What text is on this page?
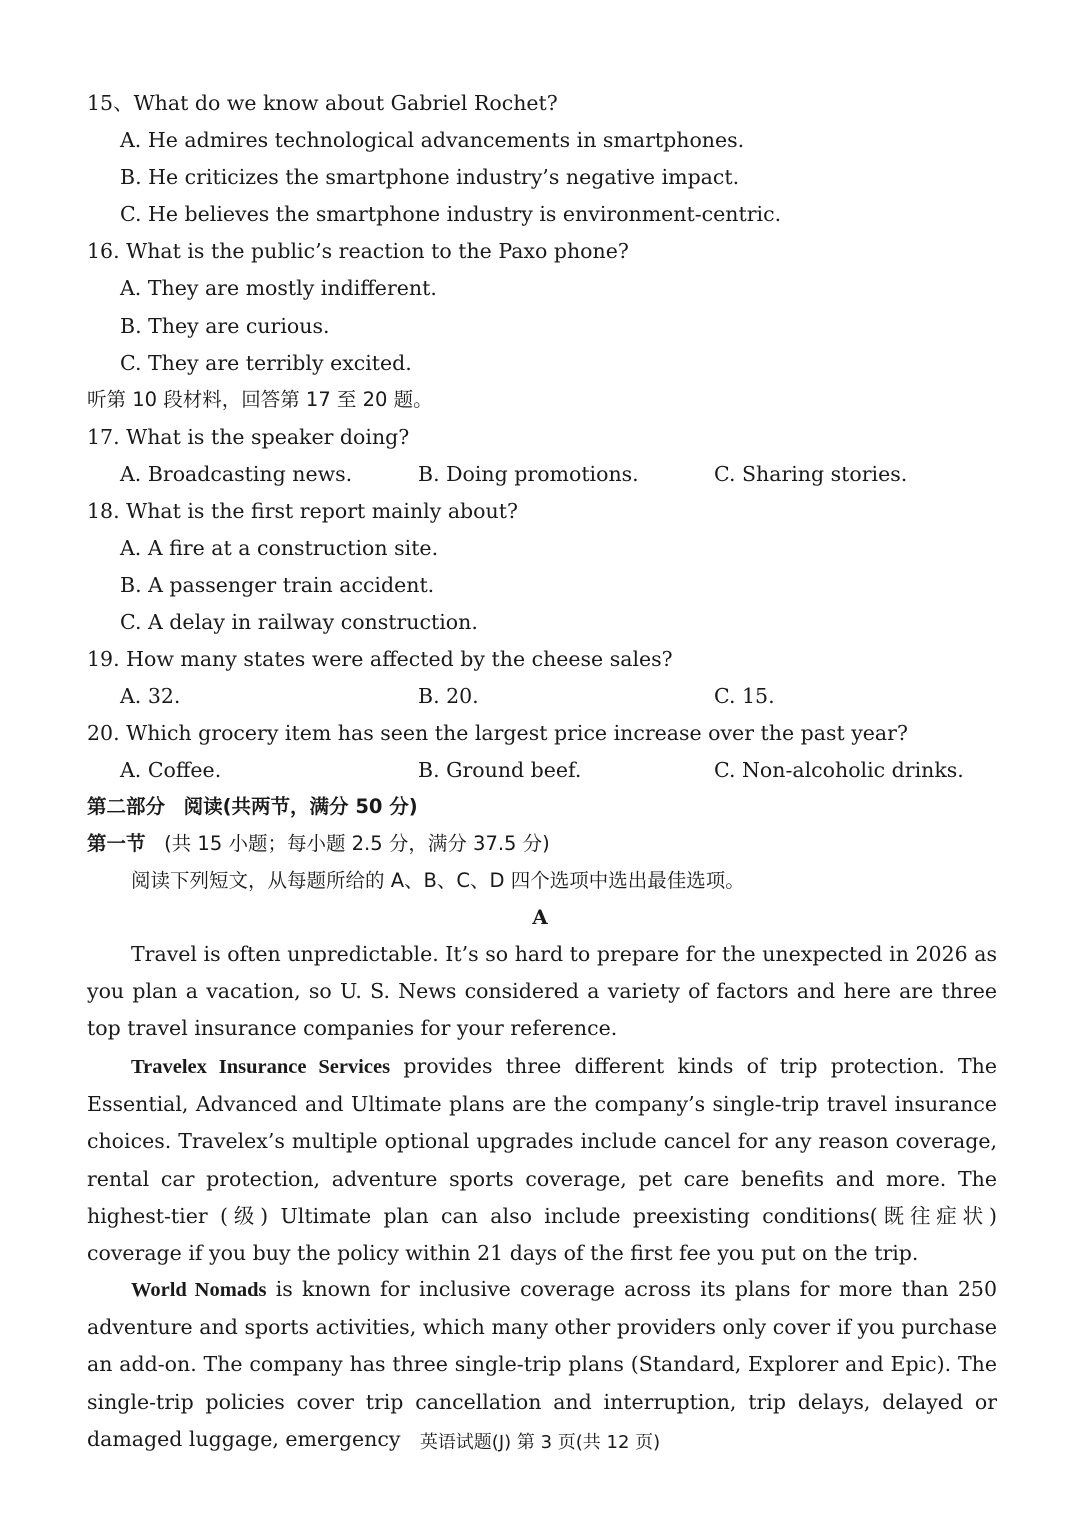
15、What do we know about Gabriel Rochet?
A. He admires technological advancements in smartphones.
B. He criticizes the smartphone industry’s negative impact.
C. He believes the smartphone industry is environment-centric.
16. What is the public’s reaction to the Paxo phone?
A. They are mostly indifferent.
B. They are curious.
C. They are terribly excited.
听第 10 段材料，回答第 17 至 20 题。
17. What is the speaker doing?
A. Broadcasting news.	B. Doing promotions.	C. Sharing stories.
18. What is the first report mainly about?
A. A fire at a construction site.
B. A passenger train accident.
C. A delay in railway construction.
19. How many states were affected by the cheese sales?
A. 32.	B. 20.	C. 15.
20. Which grocery item has seen the largest price increase over the past year?
A. Coffee.	B. Ground beef.	C. Non-alcoholic drinks.
第二部分 阅读(共两节，满分 50 分)
第一节 (共 15 小题；每小题 2.5 分，满分 37.5 分)
阅读下列短文，从每题所给的 A、B、C、D 四个选项中选出最佳选项。
A
Travel is often unpredictable. It’s so hard to prepare for the unexpected in 2026 as you plan a vacation, so U. S. News considered a variety of factors and here are three top travel insurance companies for your reference.
Travelex Insurance Services provides three different kinds of trip protection. The Essential, Advanced and Ultimate plans are the company’s single-trip travel insurance choices. Travelex’s multiple optional upgrades include cancel for any reason coverage, rental car protection, adventure sports coverage, pet care benefits and more. The highest-tier (级) Ultimate plan can also include preexisting conditions(既往症状) coverage if you buy the policy within 21 days of the first fee you put on the trip.
World Nomads is known for inclusive coverage across its plans for more than 250 adventure and sports activities, which many other providers only cover if you purchase an add-on. The company has three single-trip plans (Standard, Explorer and Epic). The single-trip policies cover trip cancellation and interruption, trip delays, delayed or damaged luggage, emergency	英语试题(J) 第 3 页(共 12 页)
